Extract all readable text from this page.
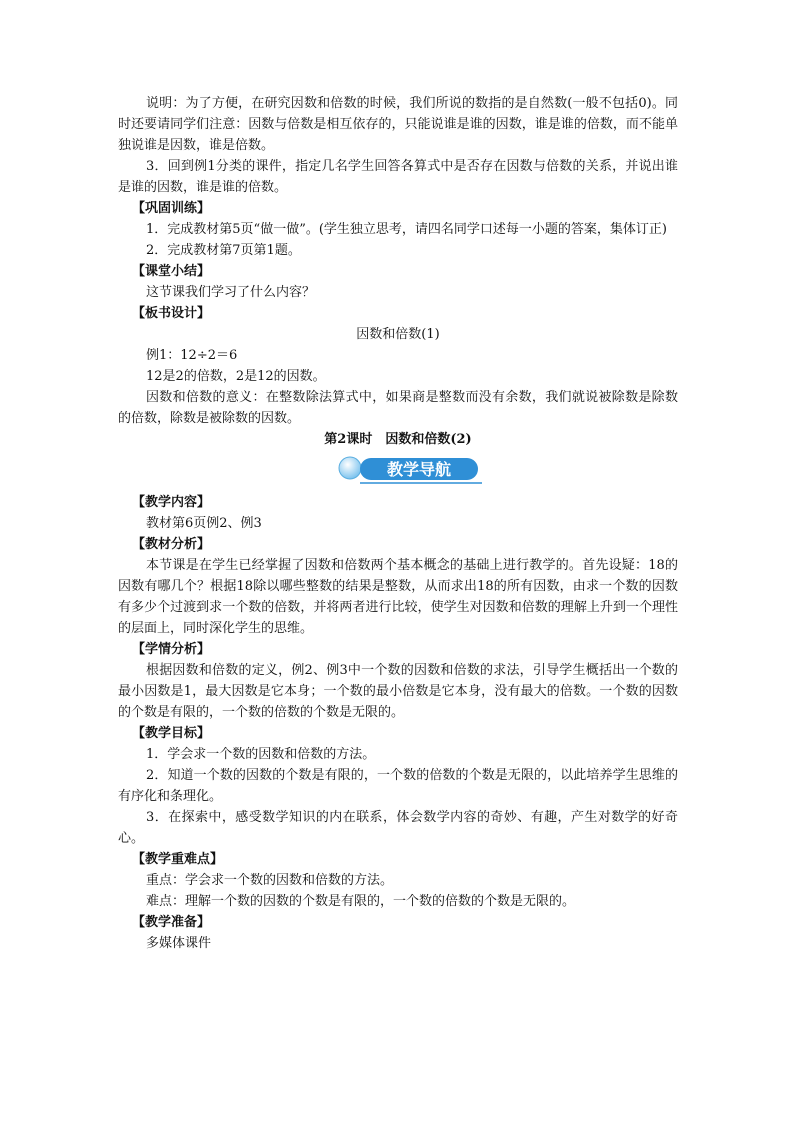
说明：为了方便，在研究因数和倍数的时候，我们所说的数指的是自然数(一般不包括0)。同时还要请同学们注意：因数与倍数是相互依存的，只能说谁是谁的因数，谁是谁的倍数，而不能单独说谁是因数，谁是倍数。

3．回到例1分类的课件，指定几名学生回答各算式中是否存在因数与倍数的关系，并说出谁是谁的因数，谁是谁的倍数。

【巩固训练】

1．完成教材第5页“做一做”。(学生独立思考，请四名同学口述每一小题的答案，集体订正)

2．完成教材第7页第1题。

【课堂小结】

这节课我们学习了什么内容？

【板书设计】

因数和倍数(1)

例1：12÷2＝6

12是2的倍数，2是12的因数。

因数和倍数的意义：在整数除法算式中，如果商是整数而没有余数，我们就说被除数是除数的倍数，除数是被除数的因数。

第2课时　因数和倍数(2)

教学导航

【教学内容】

教材第6页例2、例3

【教材分析】

本节课是在学生已经掌握了因数和倍数两个基本概念的基础上进行教学的。首先设疑：18的因数有哪几个？根据18除以哪些整数的结果是整数，从而求出18的所有因数，由求一个数的因数有多少个过渡到求一个数的倍数，并将两者进行比较，使学生对因数和倍数的理解上升到一个理性的层面上，同时深化学生的思维。

【学情分析】

根据因数和倍数的定义，例2、例3中一个数的因数和倍数的求法，引导学生概括出一个数的最小因数是1，最大因数是它本身；一个数的最小倍数是它本身，没有最大的倍数。一个数的因数的个数是有限的，一个数的倍数的个数是无限的。

【教学目标】

1．学会求一个数的因数和倍数的方法。

2．知道一个数的因数的个数是有限的，一个数的倍数的个数是无限的，以此培养学生思维的有序化和条理化。

3．在探索中，感受数学知识的内在联系，体会数学内容的奇妙、有趣，产生对数学的好奇心。

【教学重难点】

重点：学会求一个数的因数和倍数的方法。

难点：理解一个数的因数的个数是有限的，一个数的倍数的个数是无限的。

【教学准备】

多媒体课件
